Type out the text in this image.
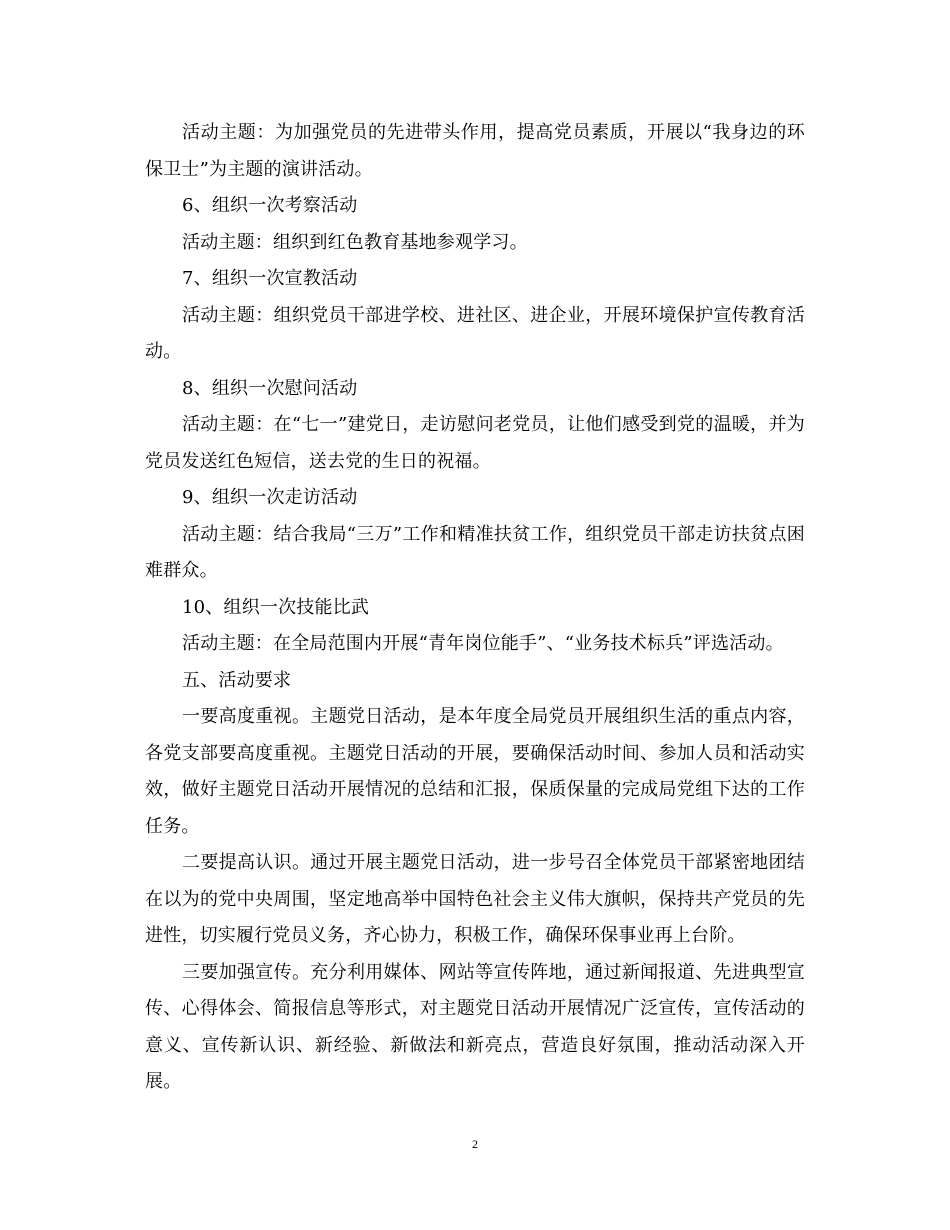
活动主题：为加强党员的先进带头作用，提高党员素质，开展以“我身边的环保卫士”为主题的演讲活动。

6、组织一次考察活动

活动主题：组织到红色教育基地参观学习。

7、组织一次宣教活动

活动主题：组织党员干部进学校、进社区、进企业，开展环境保护宣传教育活动。

8、组织一次慰问活动

活动主题：在“七一”建党日，走访慰问老党员，让他们感受到党的温暖，并为党员发送红色短信，送去党的生日的祝福。

9、组织一次走访活动

活动主题：结合我局“三万”工作和精准扶贫工作，组织党员干部走访扶贫点困难群众。

10、组织一次技能比武

活动主题：在全局范围内开展“青年岗位能手”、“业务技术标兵”评选活动。

五、活动要求

一要高度重视。主题党日活动，是本年度全局党员开展组织生活的重点内容，各党支部要高度重视。主题党日活动的开展，要确保活动时间、参加人员和活动实效，做好主题党日活动开展情况的总结和汇报，保质保量的完成局党组下达的工作任务。

二要提高认识。通过开展主题党日活动，进一步号召全体党员干部紧密地团结在以为的党中央周围，坚定地高举中国特色社会主义伟大旗帜，保持共产党员的先进性，切实履行党员义务，齐心协力，积极工作，确保环保事业再上台阶。

三要加强宣传。充分利用媒体、网站等宣传阵地，通过新闻报道、先进典型宣传、心得体会、简报信息等形式，对主题党日活动开展情况广泛宣传，宣传活动的意义、宣传新认识、新经验、新做法和新亮点，营造良好氛围，推动活动深入开展。

2
